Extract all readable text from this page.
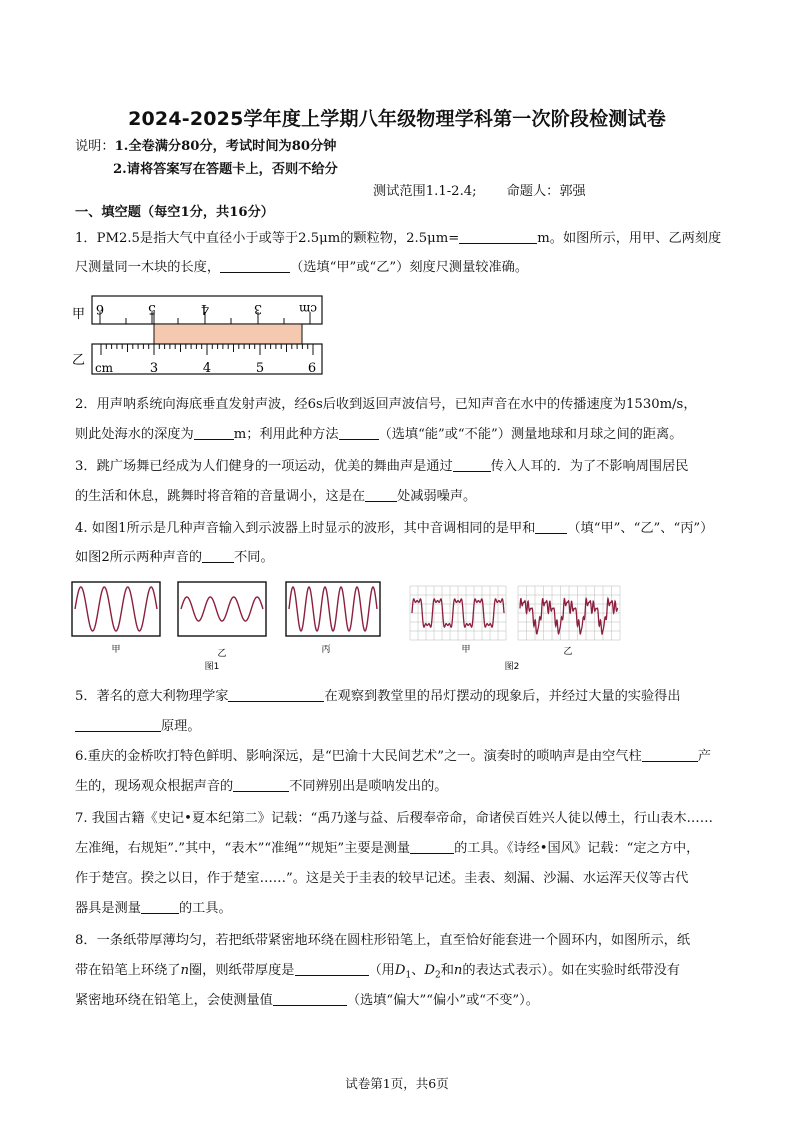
2024-2025学年度上学期八年级物理学科第一次阶段检测试卷
说明：1.全卷满分80分，考试时间为80分钟
2.请将答案写在答题卡上，否则不给分
测试范围1.1-2.4; 命题人：郭强
一、填空题（每空1分，共16分）
1．PM2.5是指大气中直径小于或等于2.5μm的颗粒物，2.5μm=	m。如图所示，用甲、乙两刻度
尺测量同一木块的长度，	（选填“甲”或“乙”）刻度尺测量较准确。
甲
乙
6	5	4	3	cm
cm	3	4	5	6
2．用声呐系统向海底垂直发射声波，经6s后收到返回声波信号，已知声音在水中的传播速度为1530m/s，
则此处海水的深度为	m；利用此种方法	（选填“能”或“不能”）测量地球和月球之间的距离。
3．跳广场舞已经成为人们健身的一项运动，优美的舞曲声是通过	传入人耳的．为了不影响周围居民
的生活和休息，跳舞时将音箱的音量调小，这是在 处减弱噪声。
4. 如图1所示是几种声音输入到示波器上时显示的波形，其中音调相同的是甲和 （填“甲”、“乙”、“丙”）
如图2所示两种声音的 不同。
甲	乙	丙
图1
甲	乙
图2
5．著名的意大利物理学家	在观察到教堂里的吊灯摆动的现象后，并经过大量的实验得出
原理。
6.重庆的金桥吹打特色鲜明、影响深远，是“巴渝十大民间艺术”之一。演奏时的唢呐声是由空气柱	产
生的，现场观众根据声音的	不同辨别出是唢呐发出的。
7. 我国古籍《史记•夏本纪第二》记载：“禹乃遂与益、后稷奉帝命，命诸侯百姓兴人徒以傅土，行山表木……
左准绳，右规矩”.”其中，“表木”“准绳”“规矩”主要是测量	的工具。《诗经•国风》记载：“定之方中，
作于楚宫。揆之以日，作于楚室……”。这是关于圭表的较早记述。圭表、刻漏、沙漏、水运浑天仪等古代
器具是测量	的工具。
8．一条纸带厚薄均匀，若把纸带紧密地环绕在圆柱形铅笔上，直至恰好能套进一个圆环内，如图所示，纸
带在铅笔上环绕了n圈，则纸带厚度是	（用$D_1$、$D_2$和n的表达式表示）。如在实验时纸带没有
紧密地环绕在铅笔上，会使测量值	（选填“偏大”“偏小”或“不变”）。
试卷第1页，共6页
